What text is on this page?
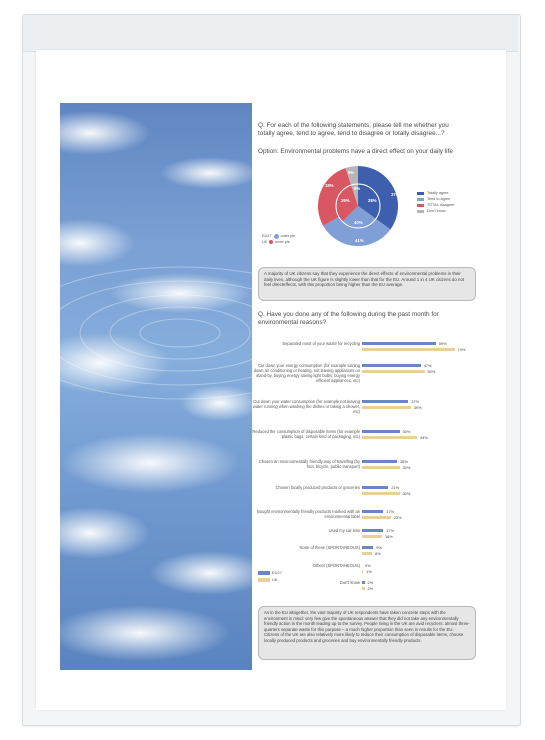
Q. For each of the following statements, please tell me whether you totally agree, tend to agree, tend to disagree or totally disagree...?
Option: Environmental problems have a direct effect on your daily life
37%
41%
18%
5%
28%
40%
26%
5%
Totally agree
Tend to agree
TOTAL disagree
Don't know
EU27 outer pie
UK inner pie
A majority of UK citizens say that they experience the direct effects of environmental problems in their daily lives, although the UK figure is slightly lower than that for the EU. Around 1 in 4 UK citizens do not feel directeffects, with this proportion being higher than the EU average.
Q. Have you done any of the following during the past month for environmental reasons?
Separated most of your waste for recycling	59%
74%
Cut down your energy consumption (for example turning down air conditioning or heating, not leaving appliances on stand-by, buying energy saving light bulbs, buying energy efficient appliances, etc)
47%
50%
Cut down your water consumption (for example not leaving water running when washing the dishes or taking a shower, etc)
37%
39%
Reduced the consumption of disposable items (for example plastic bags, certain kind of packaging, etc)
30%
44%
Chosen an environmentally friendly way of travelling (by foot, bicycle, public transport)
28%
30%
Chosen locally produced products or groceries	21%
30%
Bought environmentally friendly products marked with an environmental label
17%
23%
Used my car less	17%
16%
None of these (SPONTANEOUS)	9%
8%
Others (SPONTANEOUS) 0%
1%
Don't know 2%
2%
EU27
UK
As in the EU altogether, the vast majority of UK respondents have taken concrete steps with the environment in mind: very few give the spontaneous answer that they did not take any environmentally friendly action in the month leading up to the survey. People living in the UK are avid recyclers: almost three- quarters separate waste for this purpose – a much higher proportion than seen in results for the EU. Citizens of the UK are also relatively more likely to reduce their consumption of disposable items, choose locally produced products and groceries and buy environmentally friendly products.
